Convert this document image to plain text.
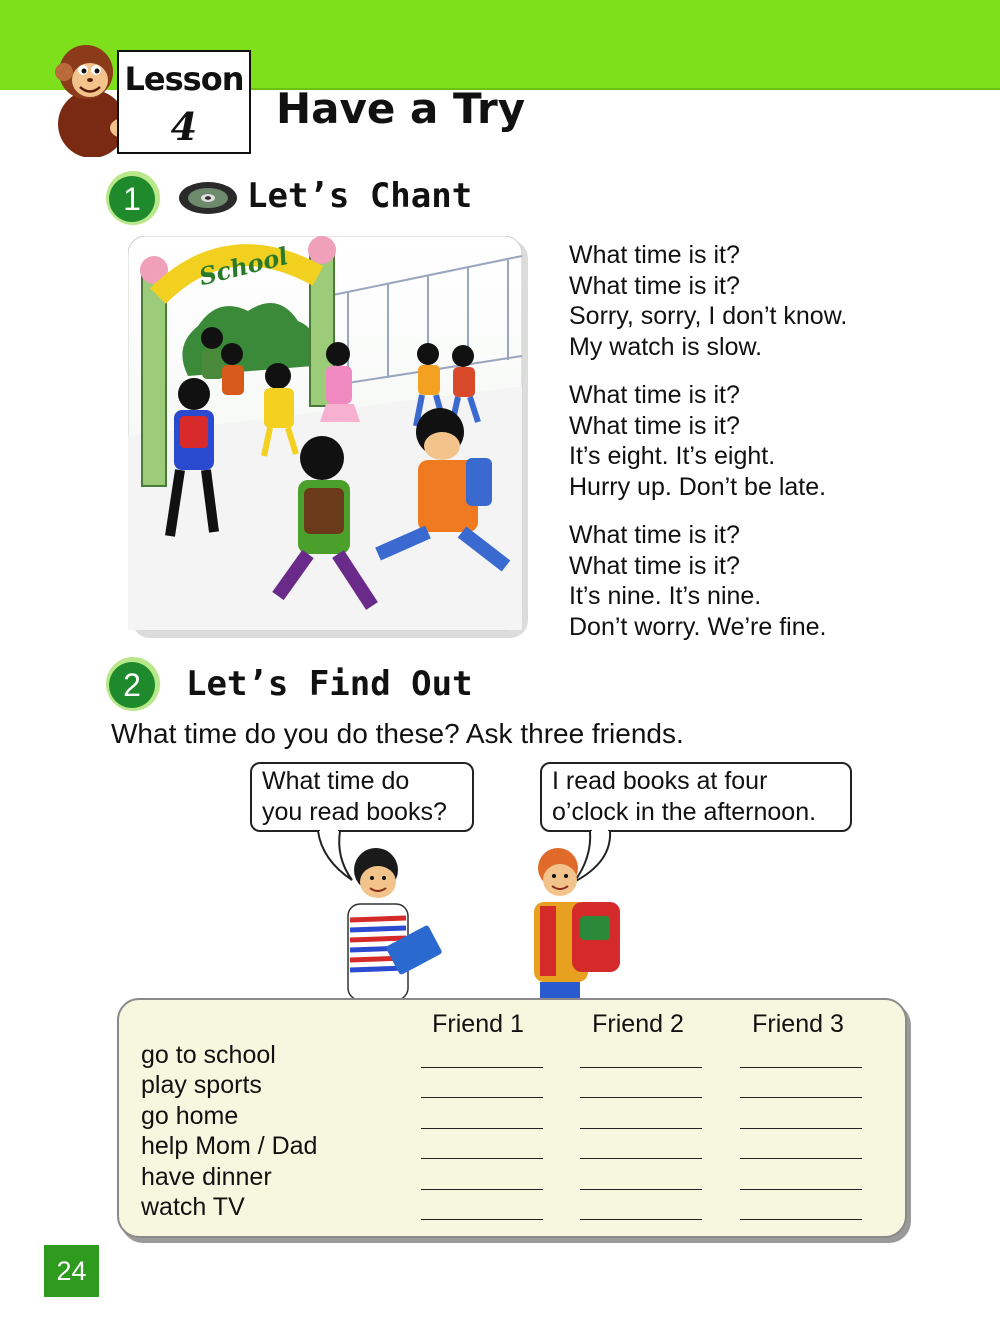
Lesson
4	Have a Try
1	Let’s Chant
School	What time is it?
What time is it?
Sorry, sorry, I don’t know.
My watch is slow.
What time is it?
What time is it?
It’s eight. It’s eight.
Hurry up. Don’t be late.
What time is it?
What time is it?
It’s nine. It’s nine.
Don’t worry. We’re fine.
2 Let’s Find Out
What time do you do these? Ask three friends.
What time do
you read books?
I read books at four
o’clock in the afternoon.
Friend 1	Friend 2	Friend 3
go to school
play sports
go home
help Mom / Dad
have dinner
watch TV
24
